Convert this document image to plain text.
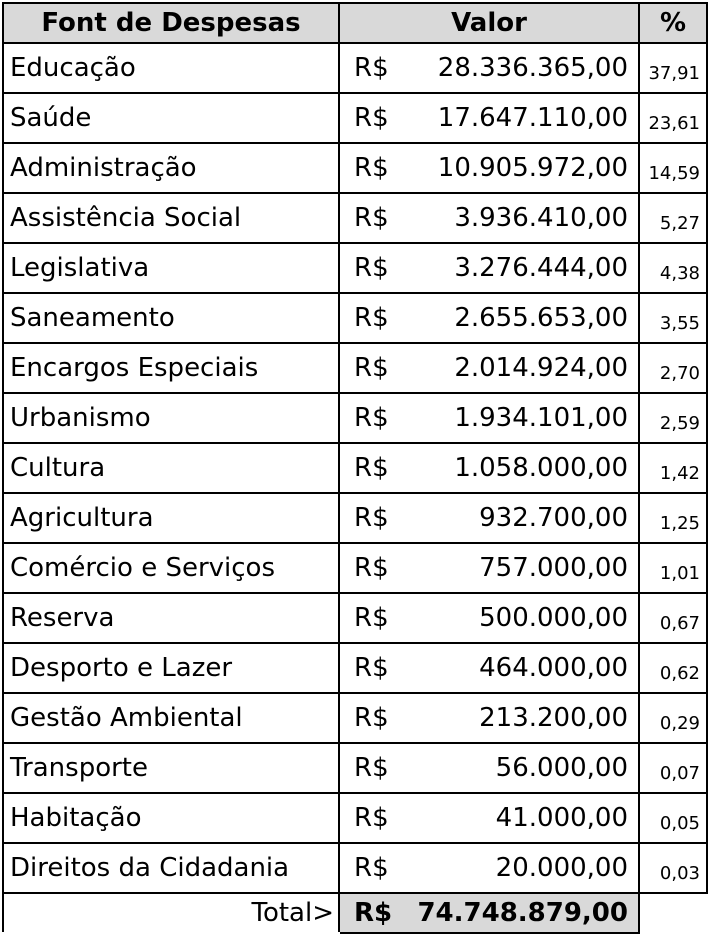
Font de Despesas	Valor		%
Educação	R$	28.336.365,00	37,91
Saúde	R$	17.647.110,00	23,61
Administração	R$	10.905.972,00	14,59
Assistência Social	R$	3.936.410,00	5,27
Legislativa	R$	3.276.444,00	4,38
Saneamento	R$	2.655.653,00	3,55
Encargos Especiais	R$	2.014.924,00	2,70
Urbanismo	R$	1.934.101,00	2,59
Cultura	R$	1.058.000,00	1,42
Agricultura	R$	932.700,00	1,25
Comércio e Serviços	R$	757.000,00	1,01
Reserva	R$	500.000,00	0,67
Desporto e Lazer	R$	464.000,00	0,62
Gestão Ambiental	R$	213.200,00	0,29
Transporte	R$	56.000,00	0,07
Habitação	R$	41.000,00	0,05
Direitos da Cidadania	R$	20.000,00	0,03
Total>	R$	74.748.879,00	
